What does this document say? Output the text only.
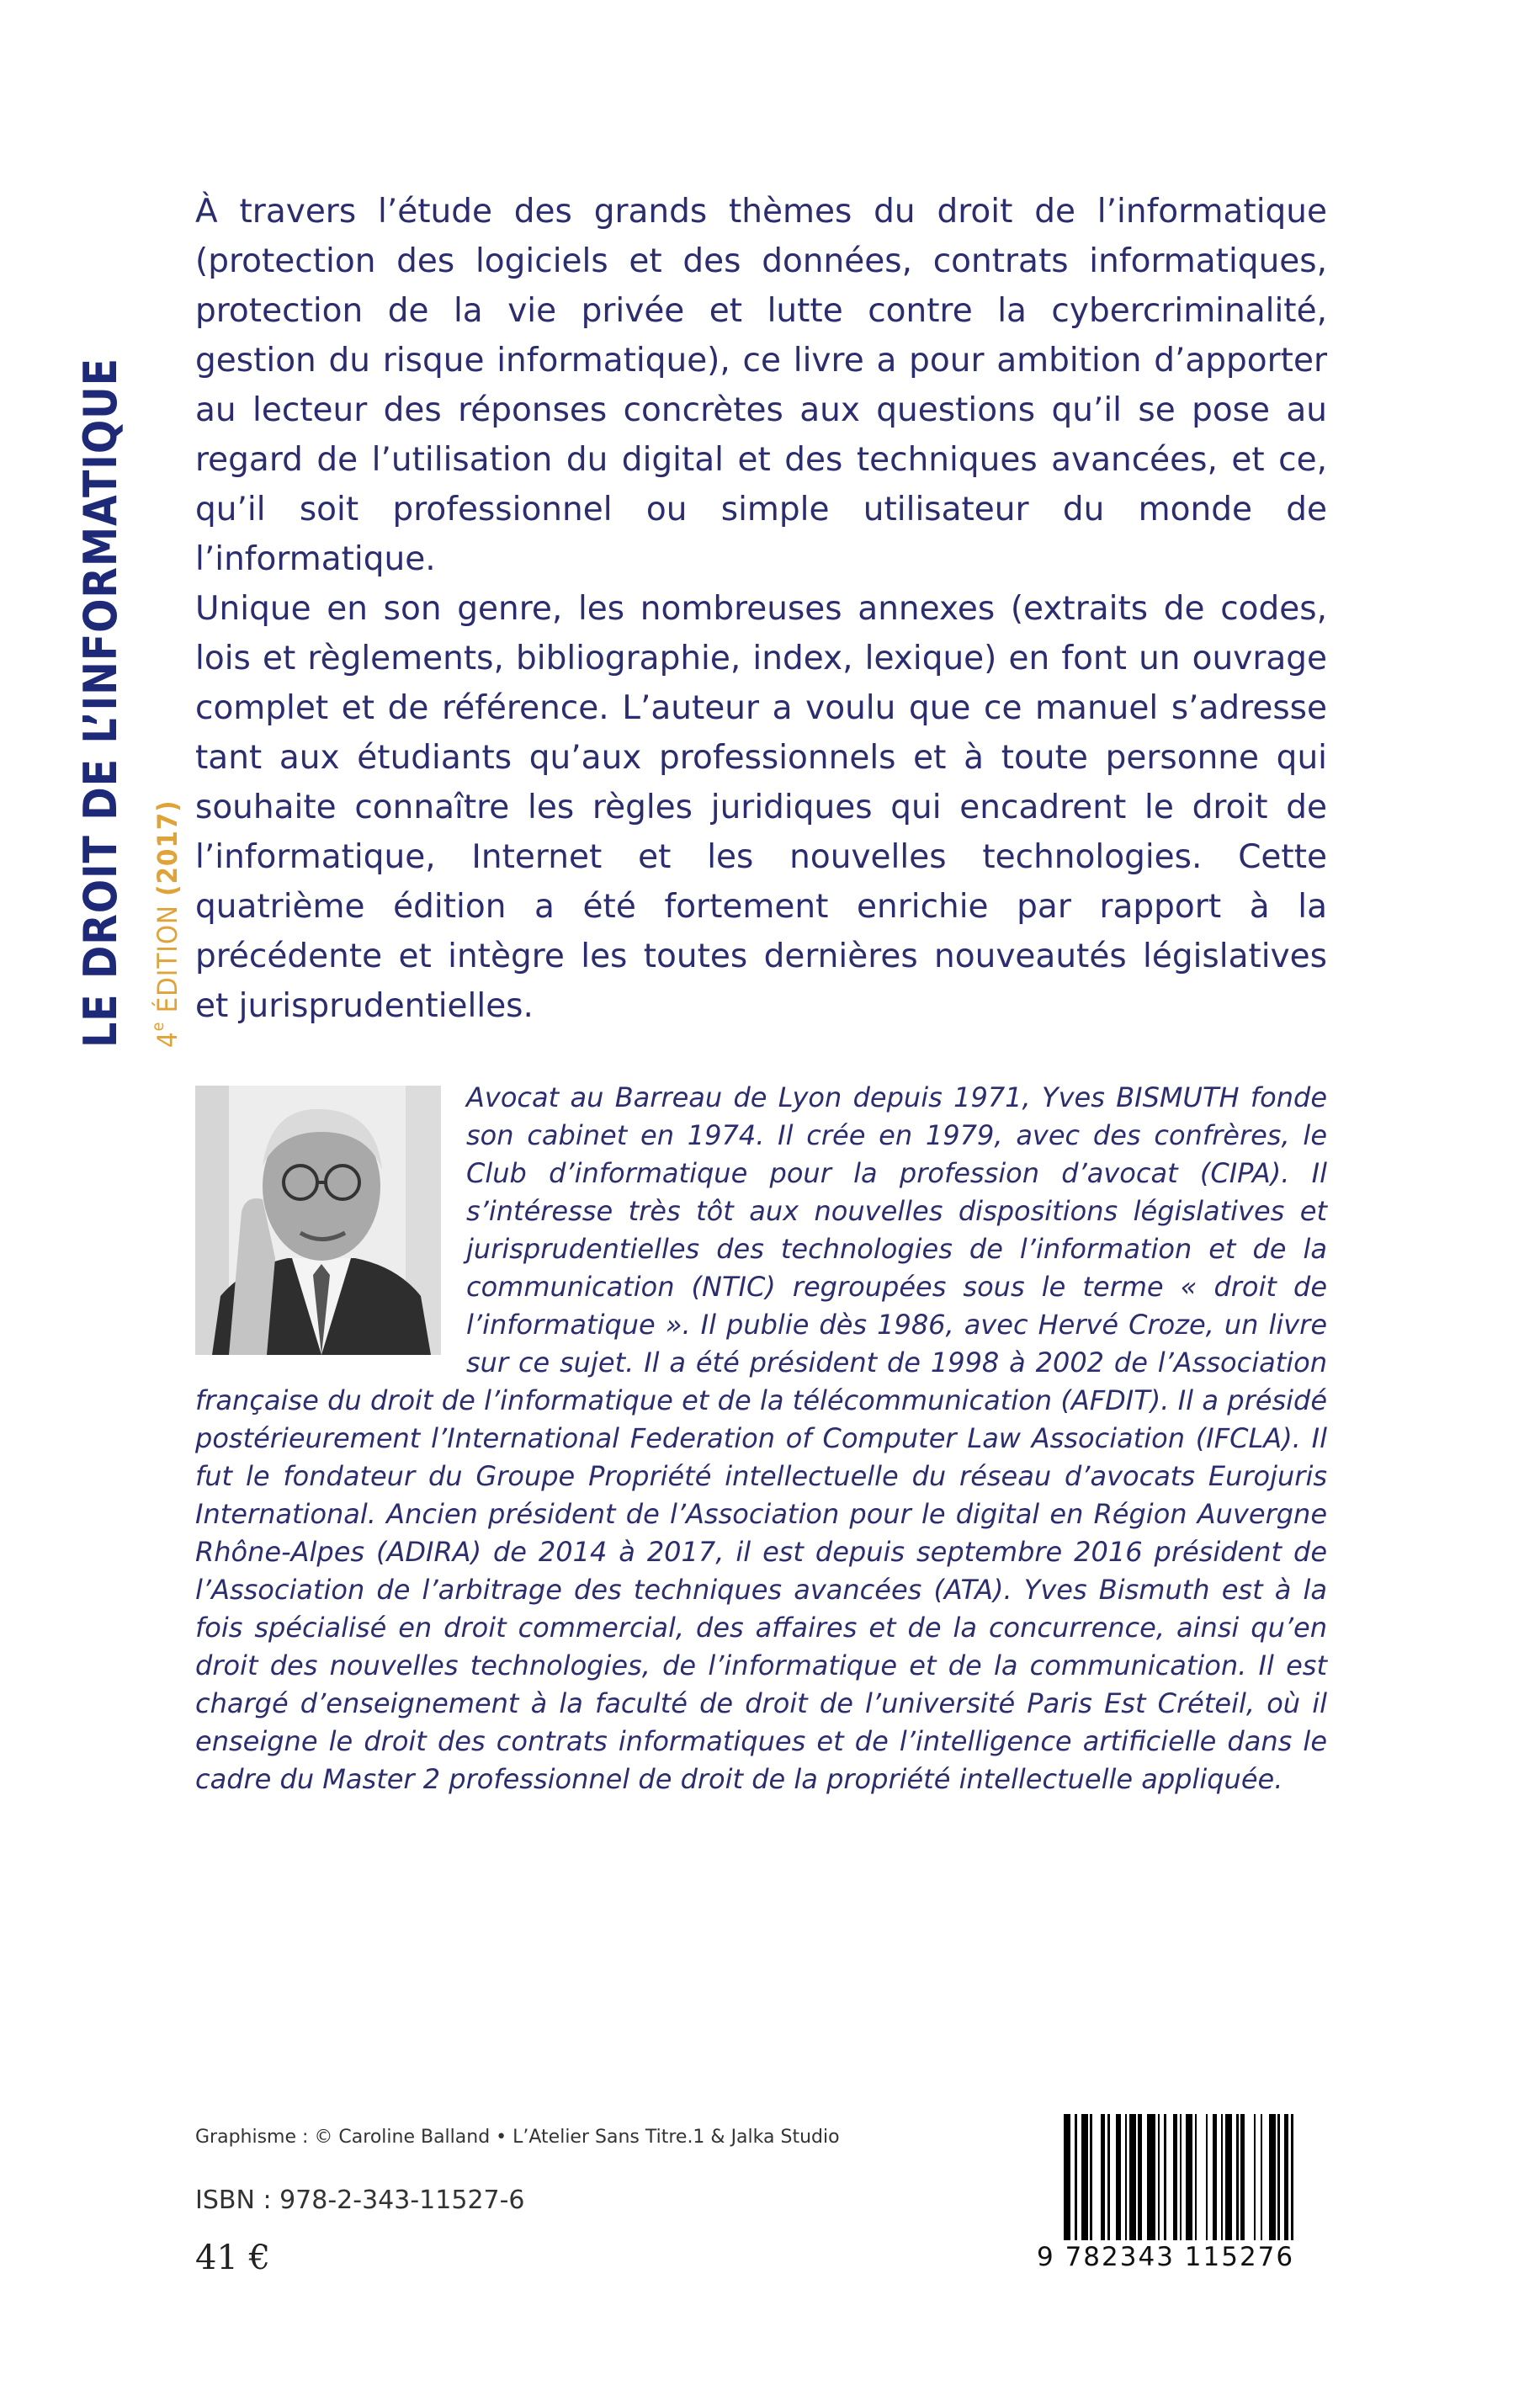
LE DROIT DE L’INFORMATIQUE 4e ÉDITION (2017)

À travers l’étude des grands thèmes du droit de l’informatique (protection des logiciels et des données, contrats informatiques, protection de la vie privée et lutte contre la cybercriminalité, gestion du risque informatique), ce livre a pour ambition d’apporter au lecteur des réponses concrètes aux questions qu’il se pose au regard de l’utilisation du digital et des techniques avancées, et ce, qu’il soit professionnel ou simple utilisateur du monde de l’informatique.

Unique en son genre, les nombreuses annexes (extraits de codes, lois et règlements, bibliographie, index, lexique) en font un ouvrage complet et de référence. L’auteur a voulu que ce manuel s’adresse tant aux étudiants qu’aux professionnels et à toute personne qui souhaite connaître les règles juridiques qui encadrent le droit de l’informatique, Internet et les nouvelles technologies. Cette quatrième édition a été fortement enrichie par rapport à la précédente et intègre les toutes dernières nouveautés législatives et jurisprudentielles.

Avocat au Barreau de Lyon depuis 1971, Yves BISMUTH fonde son cabinet en 1974. Il crée en 1979, avec des confrères, le Club d’informatique pour la profession d’avocat (CIPA). Il s’intéresse très tôt aux nouvelles dispositions législatives et jurisprudentielles des technologies de l’information et de la communication (NTIC) regroupées sous le terme « droit de l’informatique ». Il publie dès 1986, avec Hervé Croze, un livre sur ce sujet. Il a été président de 1998 à 2002 de l’Association française du droit de l’informatique et de la télécommunication (AFDIT). Il a présidé postérieurement l’International Federation of Computer Law Association (IFCLA). Il fut le fondateur du Groupe Propriété intellectuelle du réseau d’avocats Eurojuris International. Ancien président de l’Association pour le digital en Région Auvergne Rhône-Alpes (ADIRA) de 2014 à 2017, il est depuis septembre 2016 président de l’Association de l’arbitrage des techniques avancées (ATA). Yves Bismuth est à la fois spécialisé en droit commercial, des affaires et de la concurrence, ainsi qu’en droit des nouvelles technologies, de l’informatique et de la communication. Il est chargé d’enseignement à la faculté de droit de l’université Paris Est Créteil, où il enseigne le droit des contrats informatiques et de l’intelligence artificielle dans le cadre du Master 2 professionnel de droit de la propriété intellectuelle appliquée.
Graphisme : © Caroline Balland • L’Atelier Sans Titre.1 & Jalka Studio
ISBN : 978-2-343-11527-6
41 €	9 782343 115276
